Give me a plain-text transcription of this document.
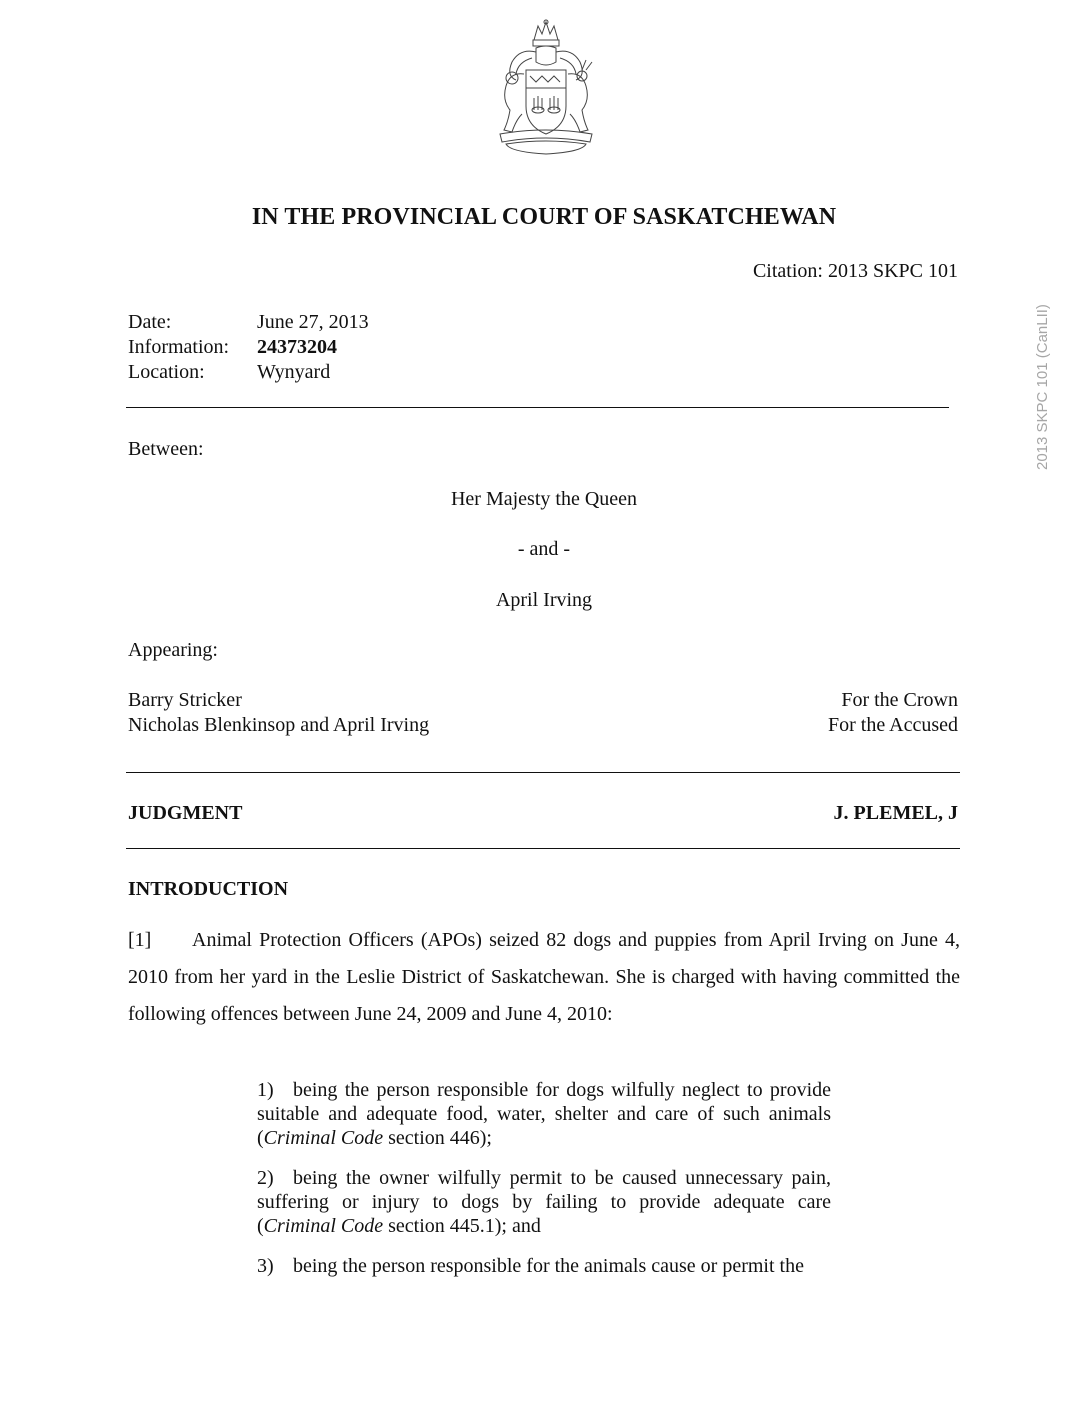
IN THE PROVINCIAL COURT OF SASKATCHEWAN
Citation: 2013 SKPC 101
Date:	June 27, 2013
Information: 24373204
Location:	Wynyard
Between:
Her Majesty the Queen
- and -
April Irving
Appearing:
Barry Stricker	For the Crown
Nicholas Blenkinsop and April Irving	For the Accused
JUDGMENT	J. PLEMEL, J
INTRODUCTION
[1] Animal Protection Officers (APOs) seized 82 dogs and puppies from April Irving on June 4, 2010 from her yard in the Leslie District of Saskatchewan. She is charged with having committed the following offences between June 24, 2009 and June 4, 2010:
1) being the person responsible for dogs wilfully neglect to provide suitable and adequate food, water, shelter and care of such animals (Criminal Code section 446);
2) being the owner wilfully permit to be caused unnecessary pain, suffering or injury to dogs by failing to provide adequate care (Criminal Code section 445.1); and
3) being the person responsible for the animals cause or permit the
2013 SKPC 101 (CanLII)
